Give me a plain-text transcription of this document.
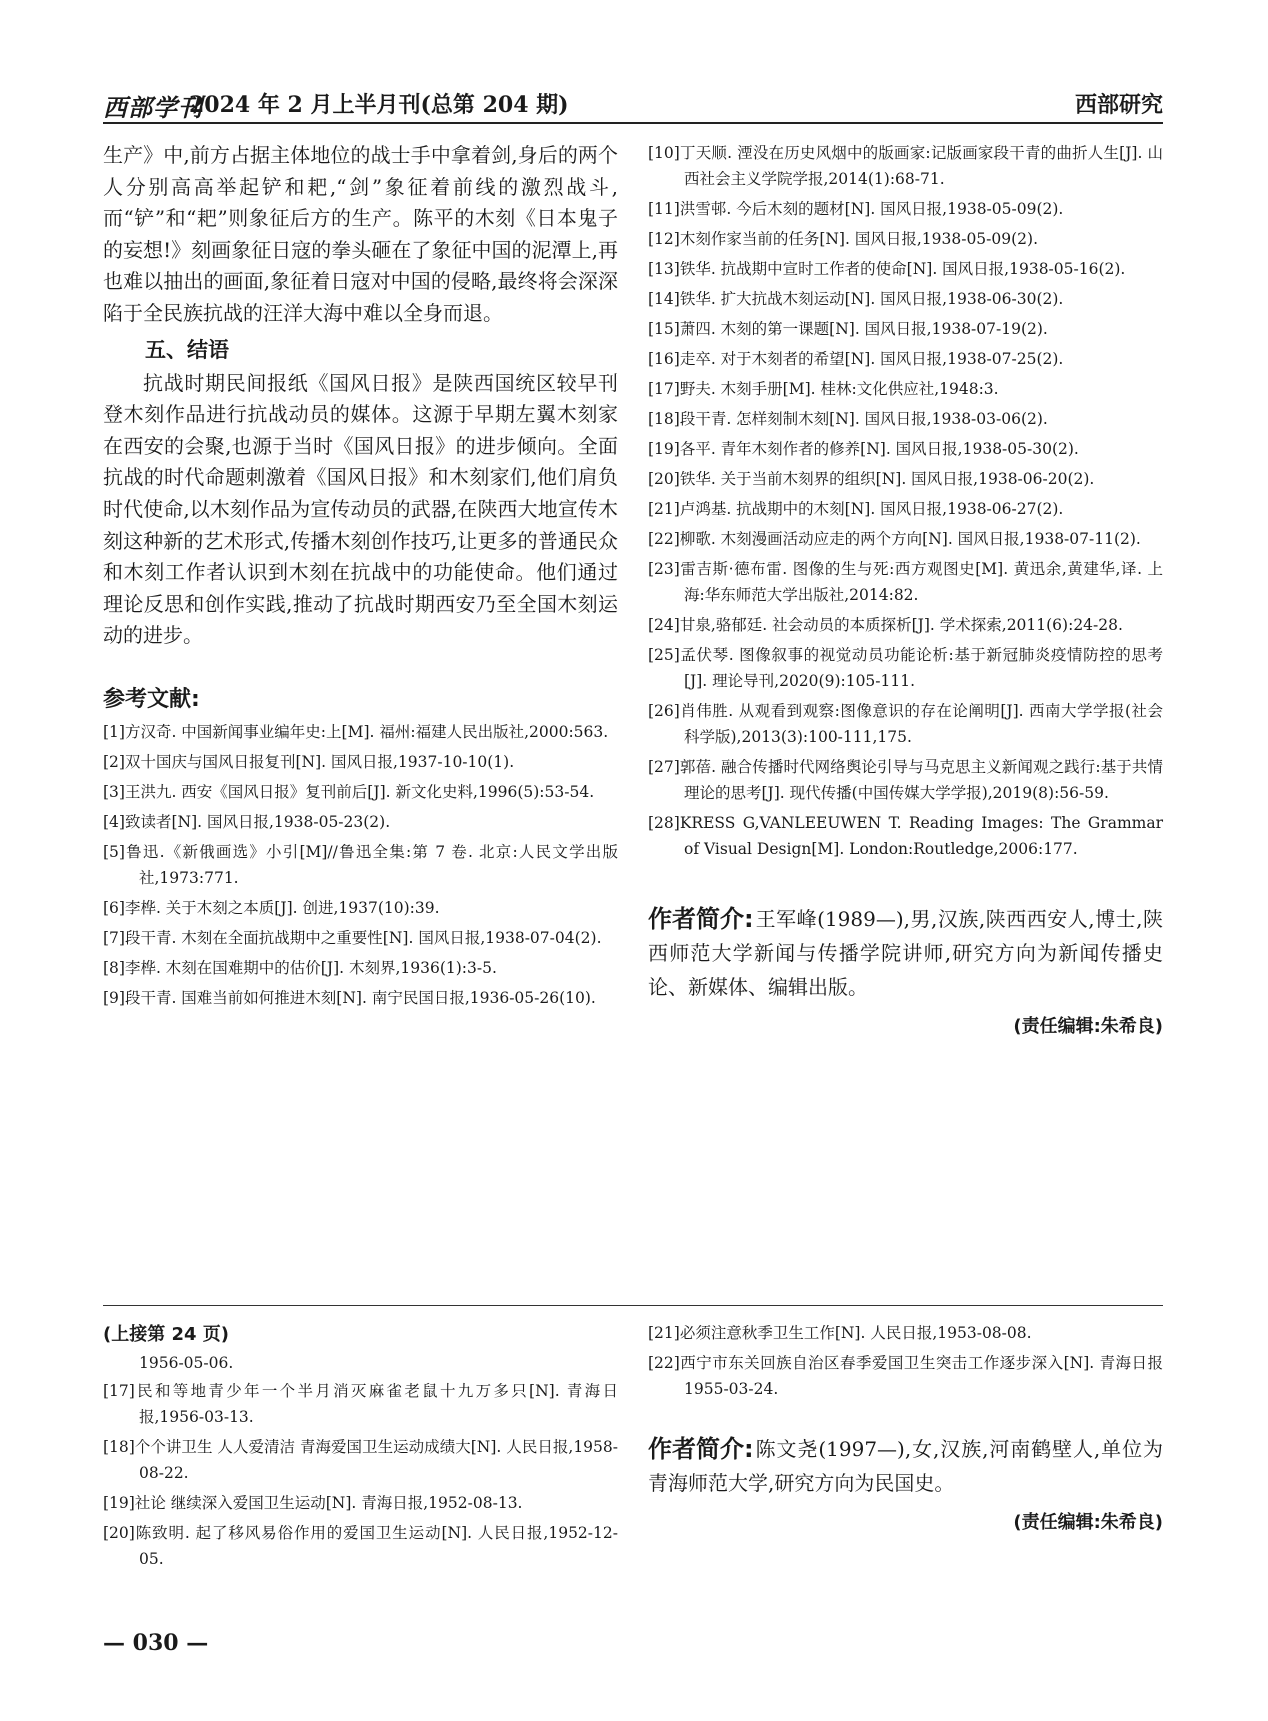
西部学刊
2024 年 2 月上半月刊(总第 204 期)	西部研究

生产》中,前方占据主体地位的战士手中拿着剑,身后的两个人分别高高举起铲和耙,“剑”象征着前线的激烈战斗,而“铲”和“耙”则象征后方的生产。陈平的木刻《日本鬼子的妄想!》刻画象征日寇的拳头砸在了象征中国的泥潭上,再也难以抽出的画面,象征着日寇对中国的侵略,最终将会深深陷于全民族抗战的汪洋大海中难以全身而退。

五、结语

抗战时期民间报纸《国风日报》是陕西国统区较早刊登木刻作品进行抗战动员的媒体。这源于早期左翼木刻家在西安的会聚,也源于当时《国风日报》的进步倾向。全面抗战的时代命题刺激着《国风日报》和木刻家们,他们肩负时代使命,以木刻作品为宣传动员的武器,在陕西大地宣传木刻这种新的艺术形式,传播木刻创作技巧,让更多的普通民众和木刻工作者认识到木刻在抗战中的功能使命。他们通过理论反思和创作实践,推动了抗战时期西安乃至全国木刻运动的进步。

参考文献:
[1]方汉奇. 中国新闻事业编年史:上[M]. 福州:福建人民出版社,2000:563.
[2]双十国庆与国风日报复刊[N]. 国风日报,1937-10-10(1).
[3]王洪九. 西安《国风日报》复刊前后[J]. 新文化史料,1996(5):53-54.
[4]致读者[N]. 国风日报,1938-05-23(2).
[5]鲁迅.《新俄画选》小引[M]//鲁迅全集:第 7 卷. 北京:人民文学出版社,1973:771.
[6]李桦. 关于木刻之本质[J]. 创进,1937(10):39.
[7]段干青. 木刻在全面抗战期中之重要性[N]. 国风日报,1938-07-04(2).
[8]李桦. 木刻在国难期中的估价[J]. 木刻界,1936(1):3-5.
[9]段干青. 国难当前如何推进木刻[N]. 南宁民国日报,1936-05-26(10).
[10]丁天顺. 湮没在历史风烟中的版画家:记版画家段干青的曲折人生[J]. 山西社会主义学院学报,2014(1):68-71.
[11]洪雪邨. 今后木刻的题材[N]. 国风日报,1938-05-09(2).
[12]木刻作家当前的任务[N]. 国风日报,1938-05-09(2).
[13]铁华. 抗战期中宣时工作者的使命[N]. 国风日报,1938-05-16(2).
[14]铁华. 扩大抗战木刻运动[N]. 国风日报,1938-06-30(2).
[15]萧四. 木刻的第一课题[N]. 国风日报,1938-07-19(2).
[16]走卒. 对于木刻者的希望[N]. 国风日报,1938-07-25(2).
[17]野夫. 木刻手册[M]. 桂林:文化供应社,1948:3.
[18]段干青. 怎样刻制木刻[N]. 国风日报,1938-03-06(2).
[19]各平. 青年木刻作者的修养[N]. 国风日报,1938-05-30(2).
[20]铁华. 关于当前木刻界的组织[N]. 国风日报,1938-06-20(2).
[21]卢鸿基. 抗战期中的木刻[N]. 国风日报,1938-06-27(2).
[22]柳歌. 木刻漫画活动应走的两个方向[N]. 国风日报,1938-07-11(2).
[23]雷吉斯·德布雷. 图像的生与死:西方观图史[M]. 黄迅余,黄建华,译. 上海:华东师范大学出版社,2014:82.
[24]甘泉,骆郁廷. 社会动员的本质探析[J]. 学术探索,2011(6):24-28.
[25]孟伏琴. 图像叙事的视觉动员功能论析:基于新冠肺炎疫情防控的思考[J]. 理论导刊,2020(9):105-111.
[26]肖伟胜. 从观看到观察:图像意识的存在论阐明[J]. 西南大学学报(社会科学版),2013(3):100-111,175.
[27]郭蓓. 融合传播时代网络舆论引导与马克思主义新闻观之践行:基于共情理论的思考[J]. 现代传播(中国传媒大学学报),2019(8):56-59.
[28]KRESS G,VANLEEUWEN T. Reading Images: The Grammar of Visual Design[M]. London:Routledge,2006:177.
作者简介: 王军峰(1989—),男,汉族,陕西西安人,博士,陕西师范大学新闻与传播学院讲师,研究方向为新闻传播史论、新媒体、编辑出版。
(责任编辑:朱希良)
(上接第 24 页)
1956-05-06.
[17]民和等地青少年一个半月消灭麻雀老鼠十九万多只[N]. 青海日报,1956-03-13.
[18]个个讲卫生 人人爱清洁 青海爱国卫生运动成绩大[N]. 人民日报,1958-08-22.
[19]社论 继续深入爱国卫生运动[N]. 青海日报,1952-08-13.
[20]陈致明. 起了移风易俗作用的爱国卫生运动[N]. 人民日报,1952-12-05.
[21]必须注意秋季卫生工作[N]. 人民日报,1953-08-08.
[22]西宁市东关回族自治区春季爱国卫生突击工作逐步深入[N]. 青海日报 1955-03-24.
作者简介: 陈文尧(1997—),女,汉族,河南鹤壁人,单位为青海师范大学,研究方向为民国史。
(责任编辑:朱希良)
— 030 —
